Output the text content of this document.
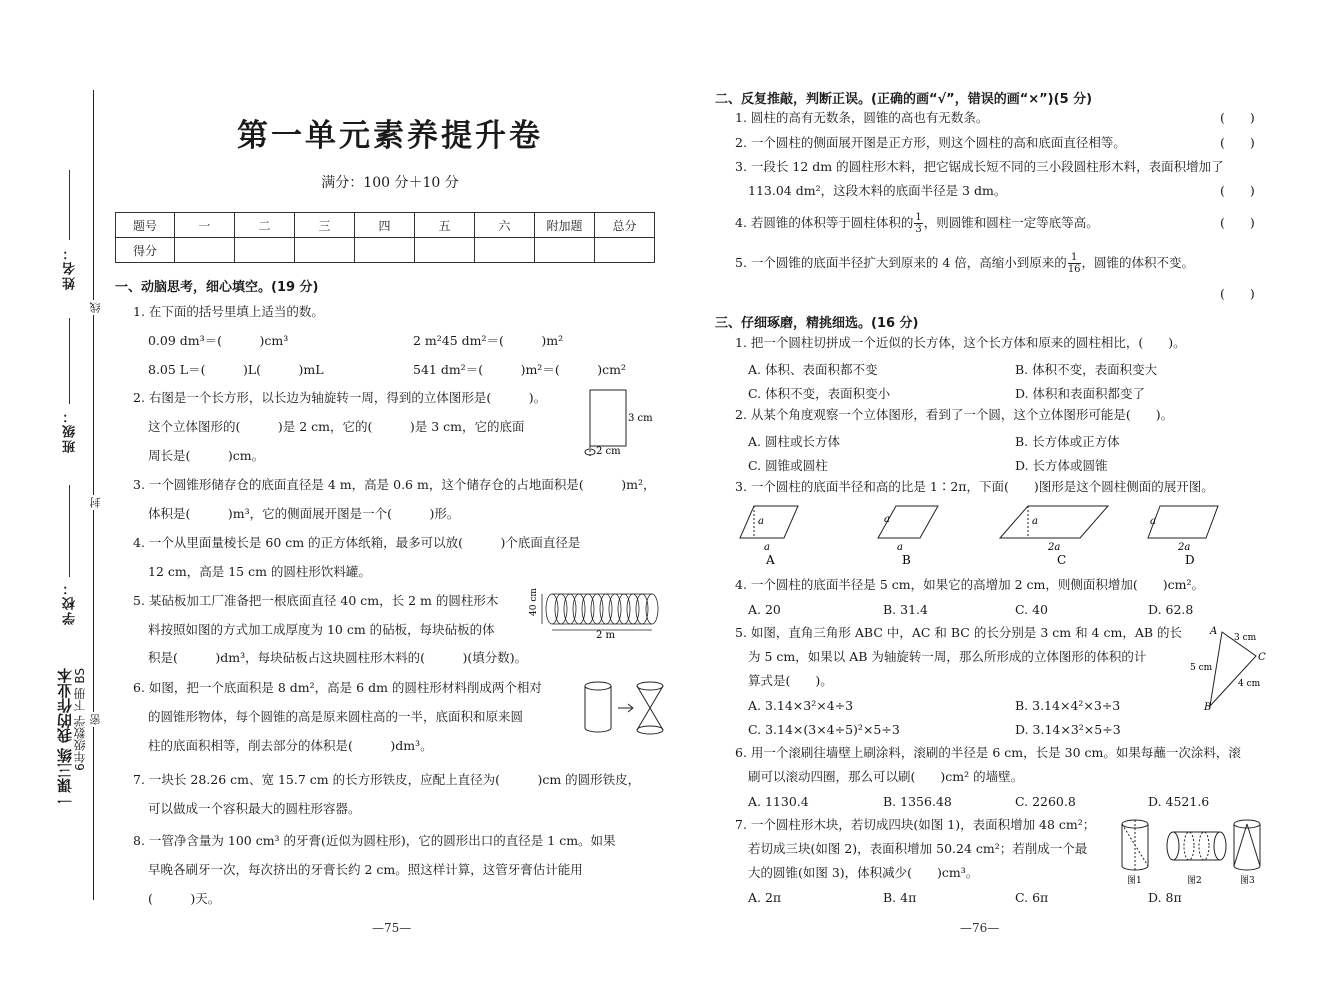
姓名：
班级：
学校：
线
封
密
一课三练 我的作业本 6年级数学 下册 BS
第一单元素养提升卷
满分：100 分＋10 分
题号	一	二	三	四	五	六	附加题	总分
得分								
一、动脑思考，细心填空。(19 分)
1. 在下面的括号里填上适当的数。
0.09 dm³＝(　　　)cm³	2 m²45 dm²＝(　　　)m²
8.05 L＝(　　　)L(　　　)mL	541 dm²＝(　　　)m²＝(　　　)cm²
2. 右图是一个长方形，以长边为轴旋转一周，得到的立体图形是(　　　)。
这个立体图形的(　　　)是 2 cm，它的(　　　)是 3 cm，它的底面
周长是(　　　)cm。
3 cm
2 cm
3. 一个圆锥形储存仓的底面直径是 4 m，高是 0.6 m，这个储存仓的占地面积是(　　　)m²，
体积是(　　　)m³，它的侧面展开图是一个(　　　)形。
4. 一个从里面量棱长是 60 cm 的正方体纸箱，最多可以放(　　　)个底面直径是
12 cm，高是 15 cm 的圆柱形饮料罐。
5. 某砧板加工厂准备把一根底面直径 40 cm，长 2 m 的圆柱形木
料按照如图的方式加工成厚度为 10 cm 的砧板，每块砧板的体
积是(　　　)dm³，每块砧板占这块圆柱形木料的(　　　)(填分数)。
40 cm
2 m
6. 如图，把一个底面积是 8 dm²，高是 6 dm 的圆柱形材料削成两个相对
的圆锥形物体，每个圆锥的高是原来圆柱高的一半，底面积和原来圆
柱的底面积相等，削去部分的体积是(　　　)dm³。
7. 一块长 28.26 cm、宽 15.7 cm 的长方形铁皮，应配上直径为(　　　)cm 的圆形铁皮，
可以做成一个容积最大的圆柱形容器。
8. 一管净含量为 100 cm³ 的牙膏(近似为圆柱形)，它的圆形出口的直径是 1 cm。如果
早晚各刷牙一次，每次挤出的牙膏长约 2 cm。照这样计算，这管牙膏估计能用
(　　　)天。
—75—
二、反复推敲，判断正误。(正确的画“√”，错误的画“×”)(5 分)
1. 圆柱的高有无数条，圆锥的高也有无数条。	(　　)
2. 一个圆柱的侧面展开图是正方形，则这个圆柱的高和底面直径相等。	(　　)
3. 一段长 12 dm 的圆柱形木料，把它锯成长短不同的三小段圆柱形木料，表面积增加了
113.04 dm²，这段木料的底面半径是 3 dm。	(　　)
4. 若圆锥的体积等于圆柱体积的 $\frac{1}{3}$ ，则圆锥和圆柱一定等底等高。	(　　)
5. 一个圆锥的底面半径扩大到原来的 4 倍，高缩小到原来的 $\frac{1}{16}$ ，圆锥的体积不变。
(　　)
三、仔细琢磨，精挑细选。(16 分)
1. 把一个圆柱切拼成一个近似的长方体，这个长方体和原来的圆柱相比，(　　)。
A. 体积、表面积都不变	B. 体积不变，表面积变大
C. 体积不变，表面积变小	D. 体积和表面积都变了
2. 从某个角度观察一个立体图形，看到了一个圆，这个立体图形可能是(　　)。
A. 圆柱或长方体	B. 长方体或正方体
C. 圆锥或圆柱	D. 长方体或圆锥
3. 一个圆柱的底面半径和高的比是 1∶2π，下面(　　)图形是这个圆柱侧面的展开图。
a
a
a
a
a
2a
a
2a
A	B	C	D
4. 一个圆柱的底面半径是 5 cm，如果它的高增加 2 cm，则侧面积增加(　　)cm²。
A. 20	B. 31.4	C. 40	D. 62.8
5. 如图，直角三角形 ABC 中，AC 和 BC 的长分别是 3 cm 和 4 cm，AB 的长
为 5 cm，如果以 AB 为轴旋转一周，那么所形成的立体图形的体积的计
算式是(　　)。
A
B
C
3 cm
4 cm
5 cm
A. 3.14×3²×4÷3	B. 3.14×4²×3÷3
C. 3.14×(3×4÷5)²×5÷3	D. 3.14×3²×5÷3
6. 用一个滚刷往墙壁上刷涂料，滚刷的半径是 6 cm，长是 30 cm。如果每蘸一次涂料，滚
刷可以滚动四圈，那么可以刷(　　)cm² 的墙壁。
A. 1130.4	B. 1356.48	C. 2260.8	D. 4521.6
7. 一个圆柱形木块，若切成四块(如图 1)，表面积增加 48 cm²；
若切成三块(如图 2)，表面积增加 50.24 cm²；若削成一个最
大的圆锥(如图 3)，体积减少(　　)cm³。
图1	图2	图3
A. 2π	B. 4π	C. 6π	D. 8π
—76—
